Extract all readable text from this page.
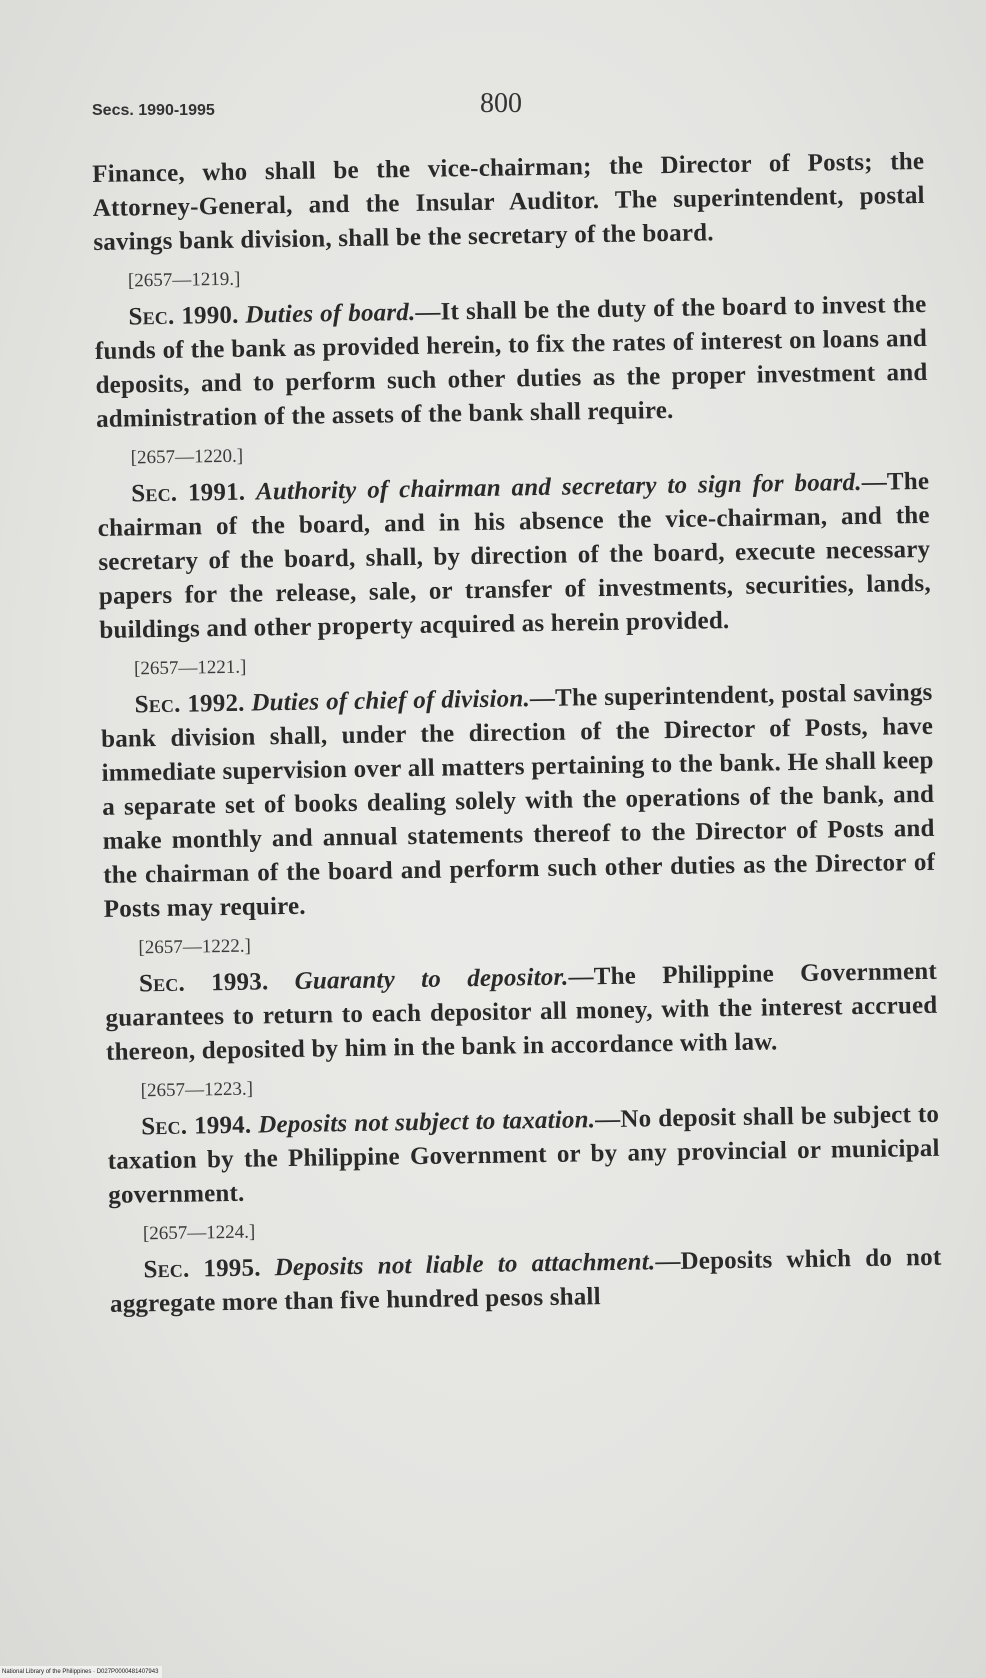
Secs. 1990-1995	800

Finance, who shall be the vice-chairman; the Director of Posts; the Attorney-General, and the Insular Auditor. The superintendent, postal savings bank division, shall be the secretary of the board.

[2657—1219.]

Sec. 1990. Duties of board.—It shall be the duty of the board to invest the funds of the bank as provided herein, to fix the rates of interest on loans and deposits, and to perform such other duties as the proper investment and administration of the assets of the bank shall require.

[2657—1220.]

Sec. 1991. Authority of chairman and secretary to sign for board.—The chairman of the board, and in his absence the vice-chairman, and the secretary of the board, shall, by direction of the board, execute necessary papers for the release, sale, or transfer of investments, securities, lands, buildings and other property acquired as herein provided.

[2657—1221.]

Sec. 1992. Duties of chief of division.—The superintendent, postal savings bank division shall, under the direction of the Director of Posts, have immediate supervision over all matters pertaining to the bank. He shall keep a separate set of books dealing solely with the operations of the bank, and make monthly and annual statements thereof to the Director of Posts and the chairman of the board and perform such other duties as the Director of Posts may require.

[2657—1222.]

Sec. 1993. Guaranty to depositor.—The Philippine Government guarantees to return to each depositor all money, with the interest accrued thereon, deposited by him in the bank in accordance with law.

[2657—1223.]

Sec. 1994. Deposits not subject to taxation.—No deposit shall be subject to taxation by the Philippine Government or by any provincial or municipal government.

[2657—1224.]

Sec. 1995. Deposits not liable to attachment.—Deposits which do not aggregate more than five hundred pesos shall

National Library of the Philippines · D027P0000481407943
